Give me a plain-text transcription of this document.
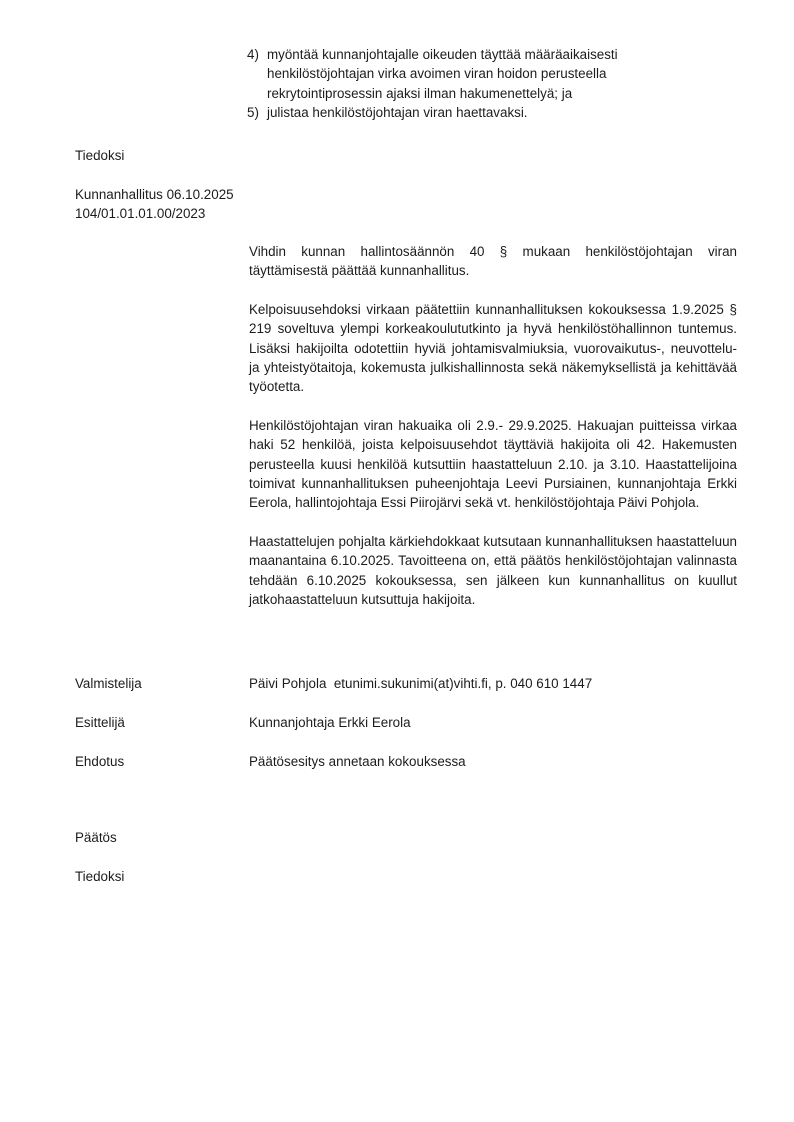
4) myöntää kunnanjohtajalle oikeuden täyttää määräaikaisesti henkilöstöjohtajan virka avoimen viran hoidon perusteella rekrytointiprosessin ajaksi ilman hakumenettelyä; ja
5) julistaa henkilöstöjohtajan viran haettavaksi.
Tiedoksi
Kunnanhallitus 06.10.2025
104/01.01.01.00/2023

Vihdin kunnan hallintosäännön 40 § mukaan henkilöstöjohtajan viran täyttämisestä päättää kunnanhallitus.

Kelpoisuusehdoksi virkaan päätettiin kunnanhallituksen kokouksessa 1.9.2025 § 219 soveltuva ylempi korkeakoulututkinto ja hyvä henkilöstöhallinnon tuntemus. Lisäksi hakijoilta odotettiin hyviä johtamisvalmiuksia, vuorovaikutus-, neuvottelu- ja yhteistyötaitoja, kokemusta julkishallinnosta sekä näkemyksellistä ja kehittävää työotetta.

Henkilöstöjohtajan viran hakuaika oli 2.9.- 29.9.2025. Hakuajan puitteissa virkaa haki 52 henkilöä, joista kelpoisuusehdot täyttäviä hakijoita oli 42. Hakemusten perusteella kuusi henkilöä kutsuttiin haastatteluun 2.10. ja 3.10. Haastattelijoina toimivat kunnanhallituksen puheenjohtaja Leevi Pursiainen, kunnanjohtaja Erkki Eerola, hallintojohtaja Essi Piirojärvi sekä vt. henkilöstöjohtaja Päivi Pohjola.

Haastattelujen pohjalta kärkiehdokkaat kutsutaan kunnanhallituksen haastatteluun maanantaina 6.10.2025. Tavoitteena on, että päätös henkilöstöjohtajan valinnasta tehdään 6.10.2025 kokouksessa, sen jälkeen kun kunnanhallitus on kuullut jatkohaastatteluun kutsuttuja hakijoita.

Valmistelija	Päivi Pohjola  etunimi.sukunimi(at)vihti.fi, p. 040 610 1447
Esittelijä	Kunnanjohtaja Erkki Eerola
Ehdotus	Päätösesitys annetaan kokouksessa
Päätös
Tiedoksi
